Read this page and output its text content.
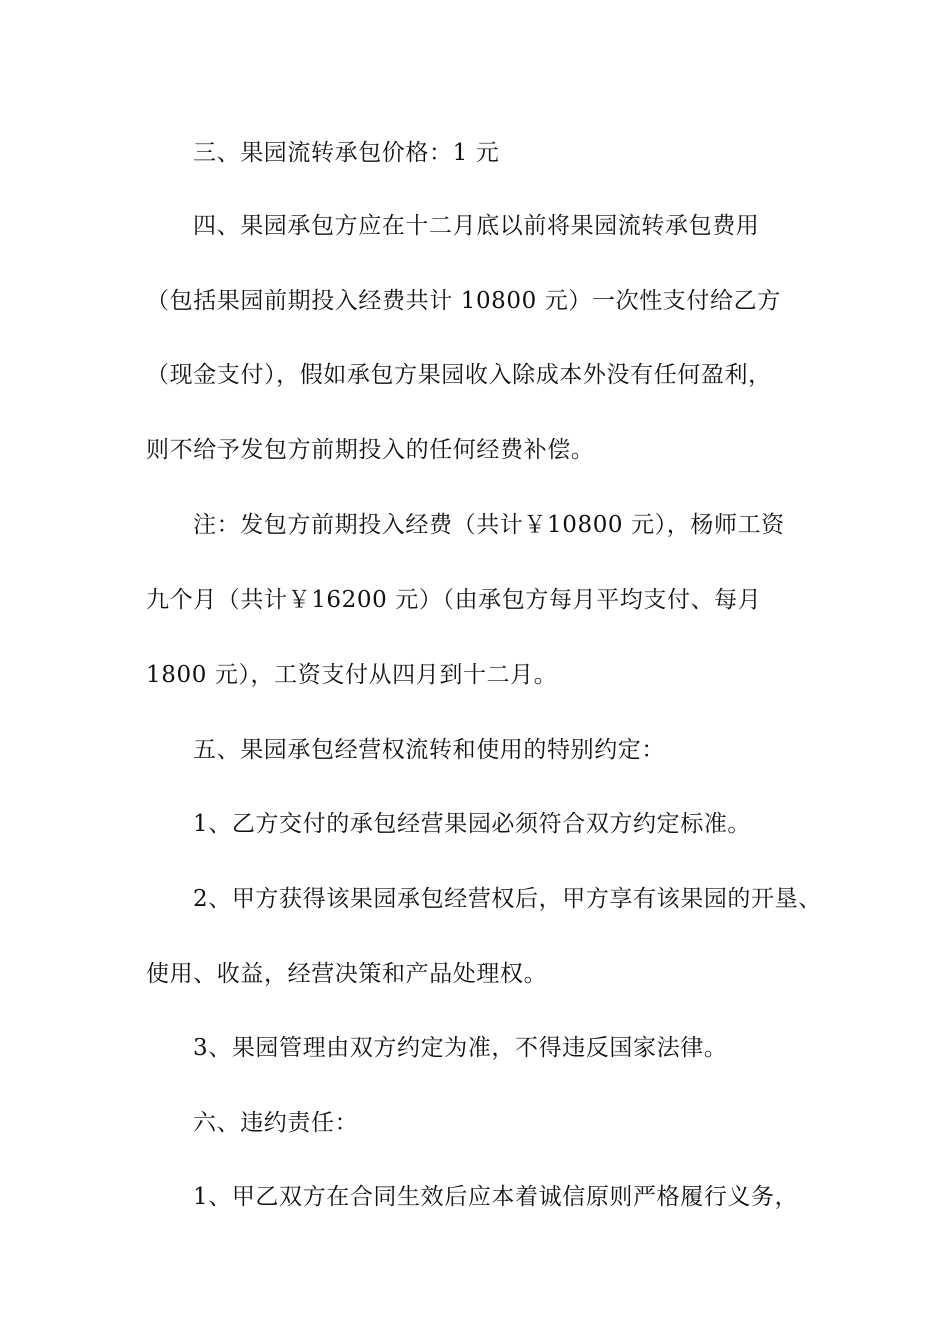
三、果园流转承包价格：1 元
四、果园承包方应在十二月底以前将果园流转承包费用
（包括果园前期投入经费共计 10800 元）一次性支付给乙方
（现金支付），假如承包方果园收入除成本外没有任何盈利，
则不给予发包方前期投入的任何经费补偿。
注：发包方前期投入经费（共计￥10800 元），杨师工资
九个月（共计￥16200 元）（由承包方每月平均支付、每月
1800 元），工资支付从四月到十二月。
五、果园承包经营权流转和使用的特别约定：
1、乙方交付的承包经营果园必须符合双方约定标准。
2、甲方获得该果园承包经营权后，甲方享有该果园的开垦、
使用、收益，经营决策和产品处理权。
3、果园管理由双方约定为准，不得违反国家法律。
六、违约责任：
1、甲乙双方在合同生效后应本着诚信原则严格履行义务，
